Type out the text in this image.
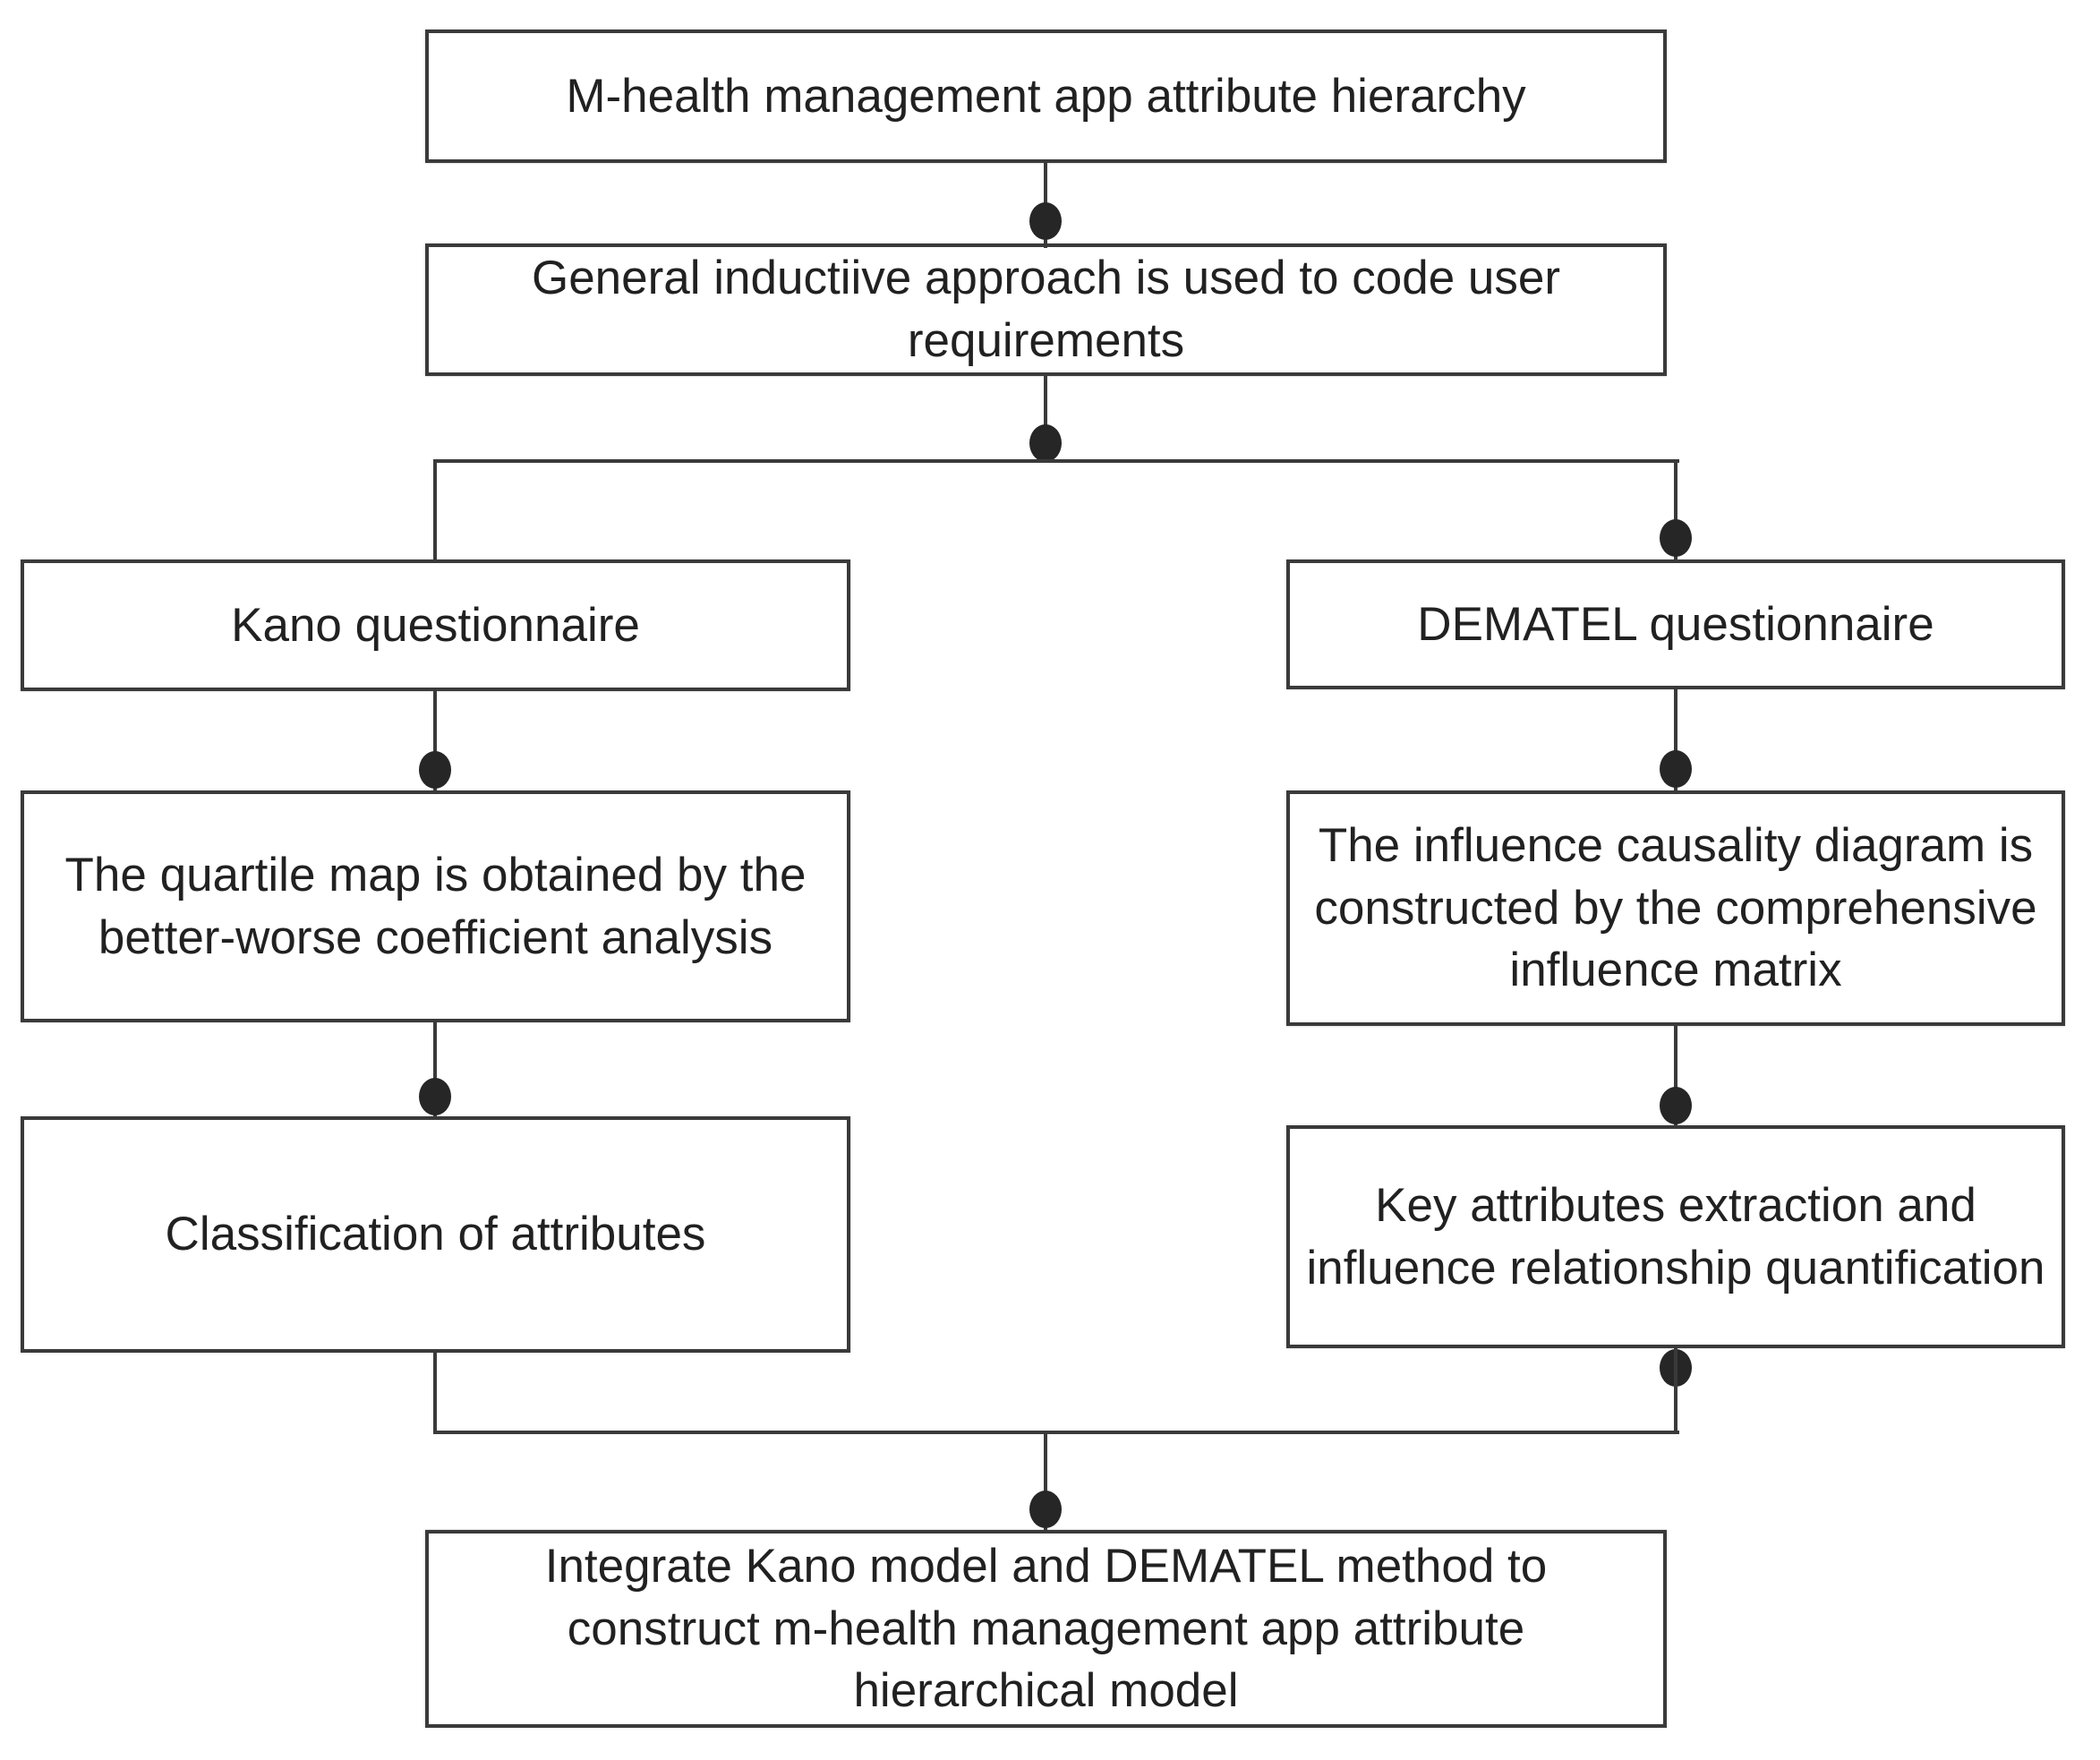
M-health management app attribute hierarchy
General inductiive approach is used to code user requirements
Kano questionnaire	DEMATEL questionnaire
The quartile map is obtained by the better-worse coefficient analysis
The influence causality diagram is constructed by the comprehensive influence matrix
Classification of attributes
Key attributes extraction and influence relationship quantification
Integrate Kano model and DEMATEL method to construct m-health management app attribute hierarchical model
